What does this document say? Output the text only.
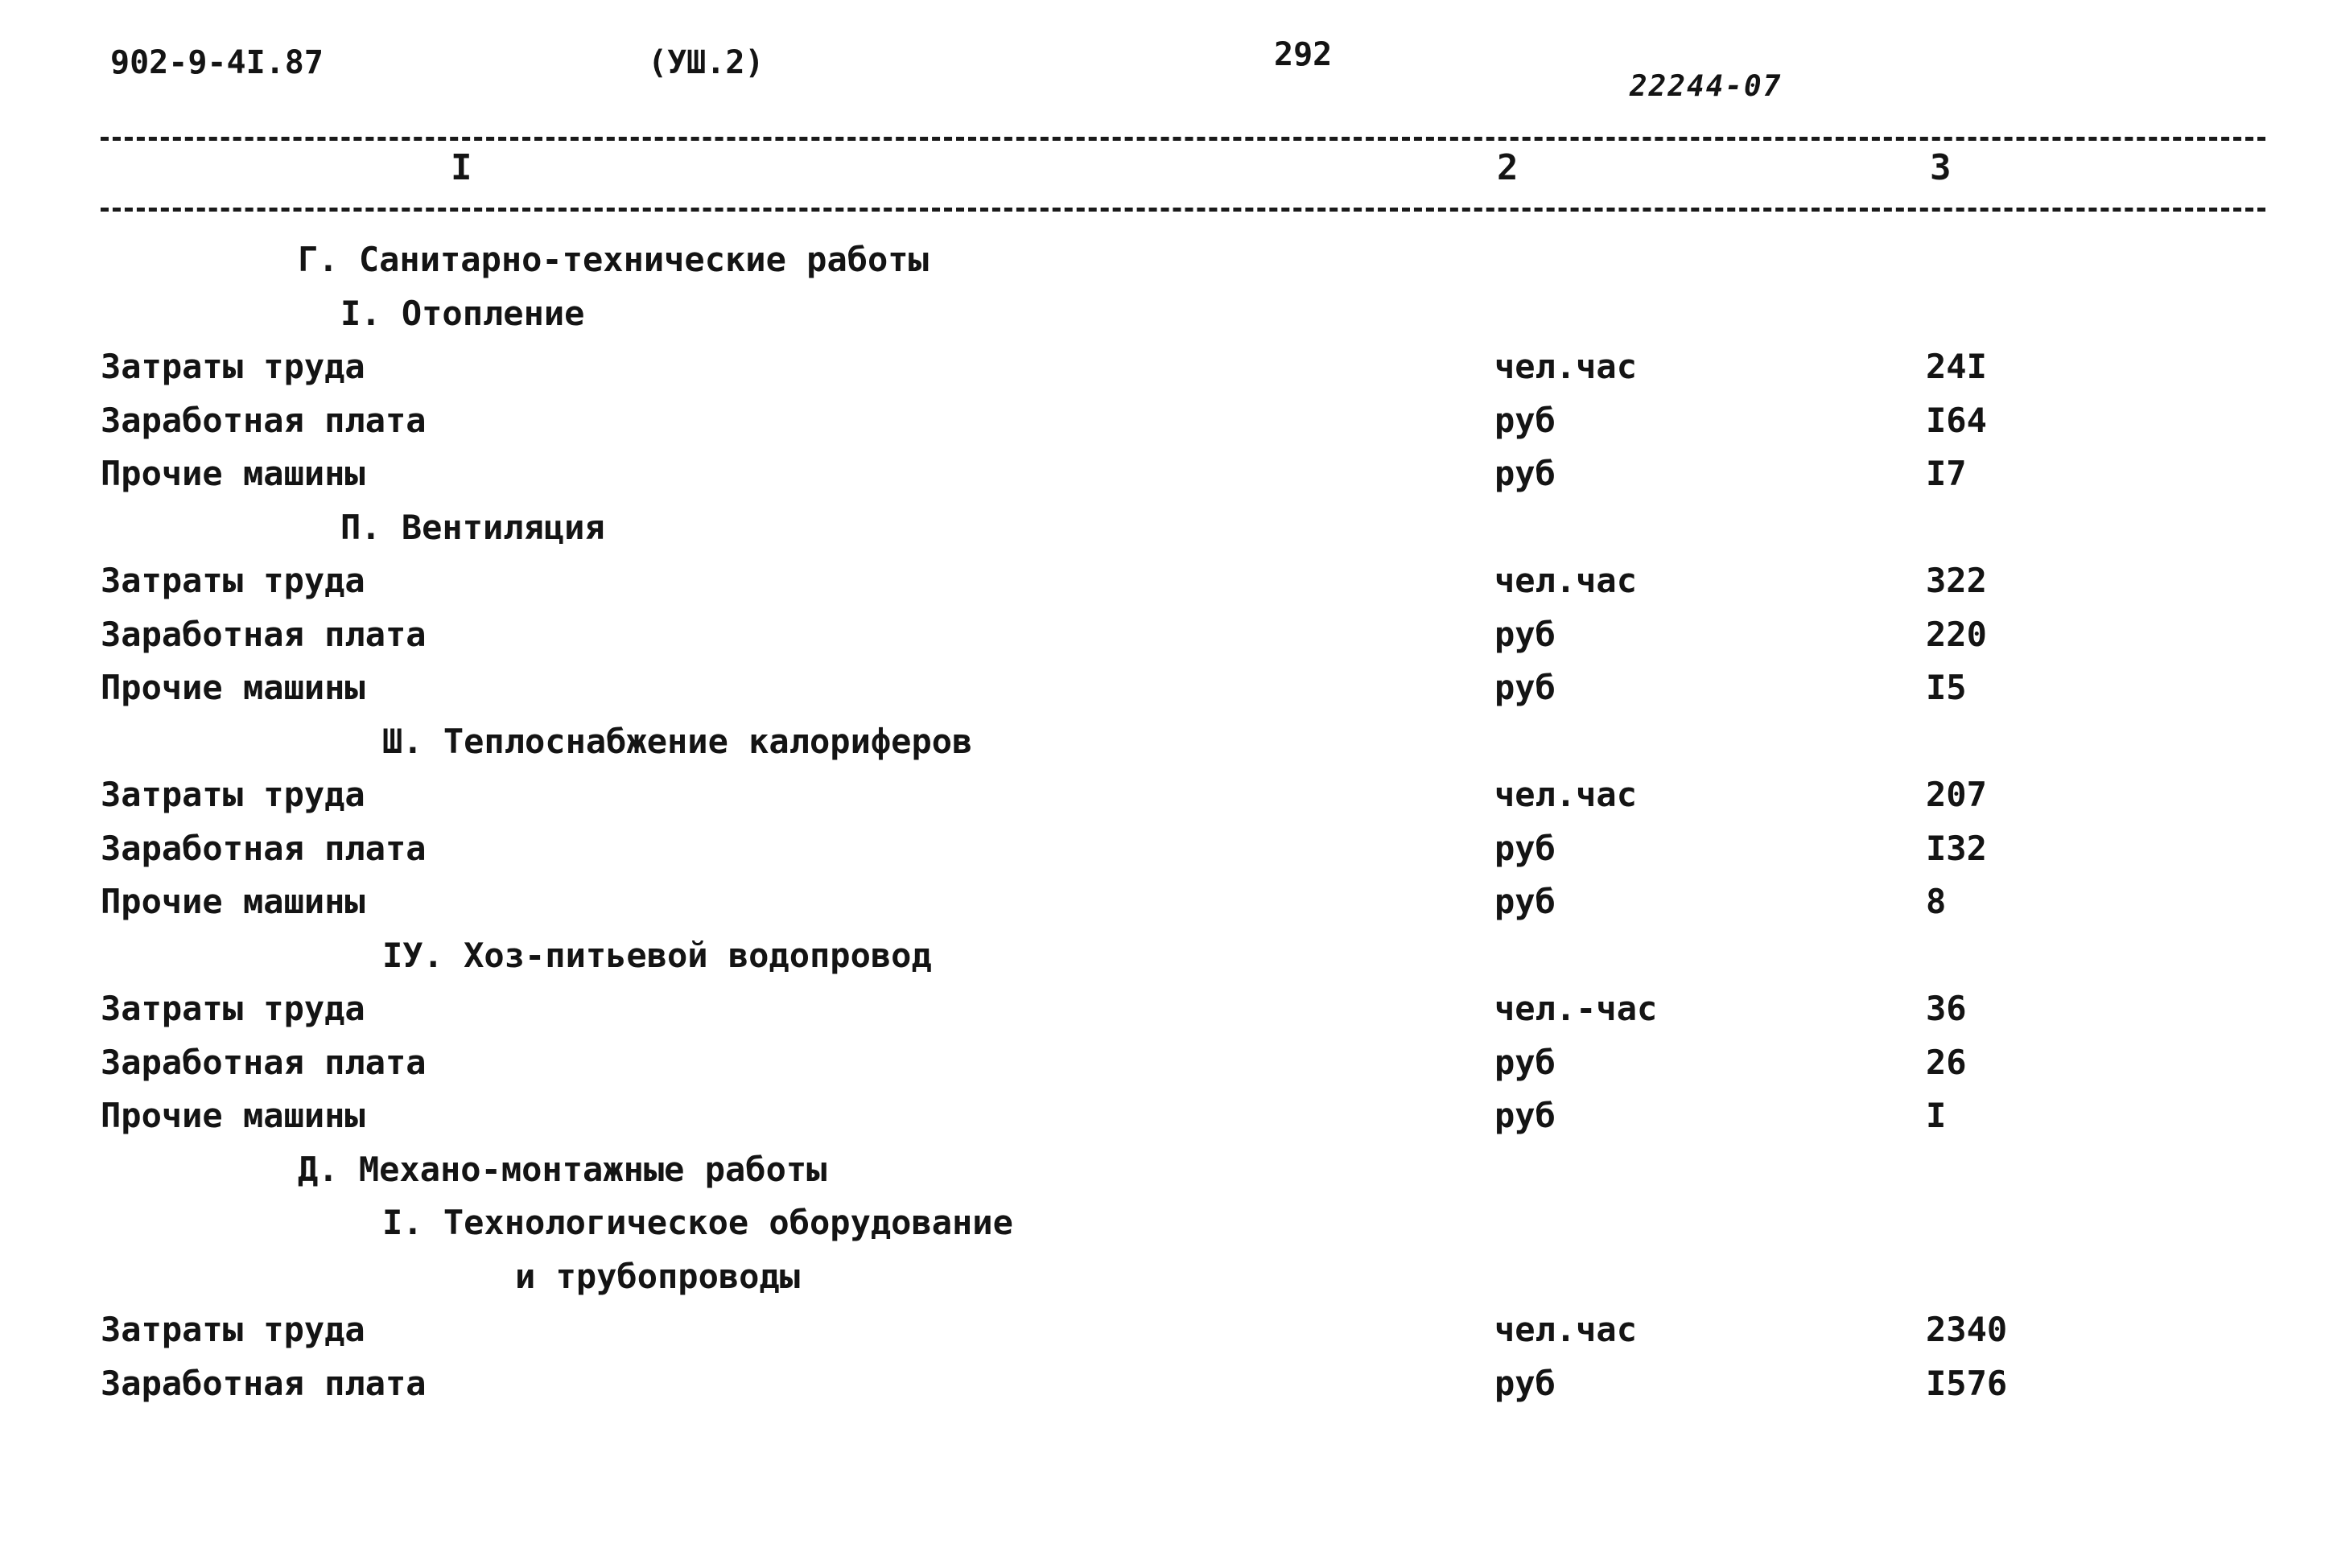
902-9-4I.87	(УШ.2)	292
22244-07
I	2	3
Г. Санитарно-технические работы
I. Отопление
Затраты труда	чел.час	24I
Заработная плата	руб	I64
Прочие машины	руб	I7
П. Вентиляция
Затраты труда	чел.час	322
Заработная плата	руб	220
Прочие машины	руб	I5
Ш. Теплоснабжение калориферов
Затраты труда	чел.час	207
Заработная плата	руб	I32
Прочие машины	руб	8
IУ. Хоз-питьевой водопровод
Затраты труда	чел.-час	36
Заработная плата	руб	26
Прочие машины	руб	I
Д. Механо-монтажные работы
I. Технологическое оборудование
и трубопроводы
Затраты труда	чел.час	2340
Заработная плата	руб	I576
